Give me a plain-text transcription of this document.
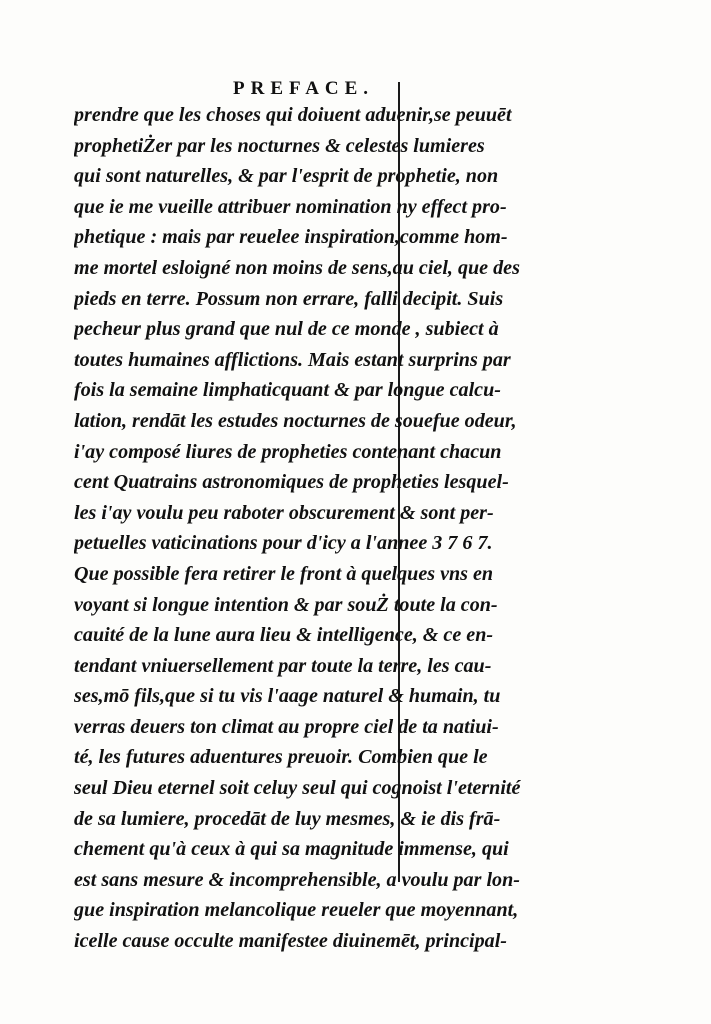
PREFACE.
prendre que les choses qui doiuent aduenir,se peuuēt
prophetiŻer par les nocturnes & celestes lumieres
qui sont naturelles, & par l'esprit de prophetie, non
que ie me vueille attribuer nomination ny effect pro-
phetique : mais par reuelee inspiration,comme hom-
me mortel esloigné non moins de sens,au ciel, que des
pieds en terre. Possum non errare, falli decipit. Suis
pecheur plus grand que nul de ce monde , subiect à
toutes humaines afflictions. Mais estant surprins par
fois la semaine limphaticquant & par longue calcu-
lation, rendāt les estudes nocturnes de souefue odeur,
i'ay composé liures de propheties contenant chacun
cent Quatrains astronomiques de propheties lesquel-
les i'ay voulu peu raboter obscurement & sont per-
petuelles vaticinations pour d'icy a l'annee 3 7 6 7.
Que possible fera retirer le front à quelques vns en
voyant si longue intention & par souŻ toute la con-
cauité de la lune aura lieu & intelligence, & ce en-
tendant vniuersellement par toute la terre, les cau-
ses,mō fils,que si tu vis l'aage naturel & humain, tu
verras deuers ton climat au propre ciel de ta natiui-
té, les futures aduentures preuoir. Combien que le
seul Dieu eternel soit celuy seul qui cognoist l'eternité
de sa lumiere, procedāt de luy mesmes, & ie dis frā-
chement qu'à ceux à qui sa magnitude immense, qui
est sans mesure & incomprehensible, a voulu par lon-
gue inspiration melancolique reueler que moyennant,
icelle cause occulte manifestee diuinemēt, principal-
